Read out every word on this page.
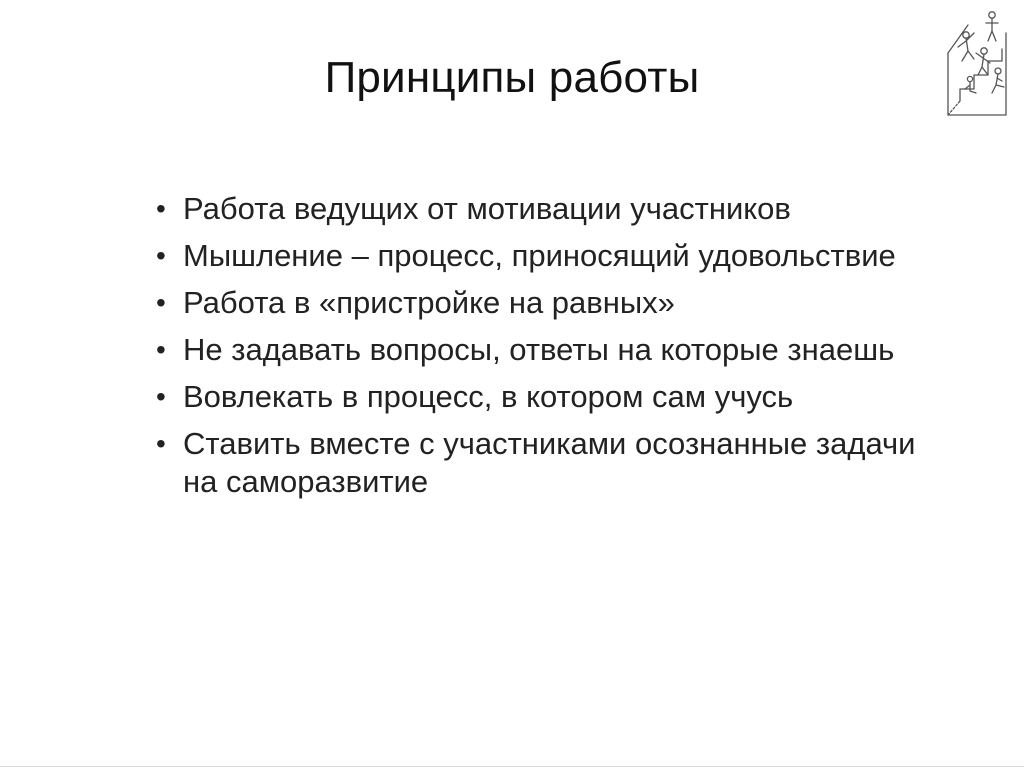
Принципы работы
• Работа ведущих от мотивации участников
• Мышление – процесс, приносящий удовольствие
• Работа в «пристройке на равных»
• Не задавать вопросы, ответы на которые знаешь
• Вовлекать в процесс, в котором сам учусь
• Ставить вместе с участниками осознанные задачи на саморазвитие
